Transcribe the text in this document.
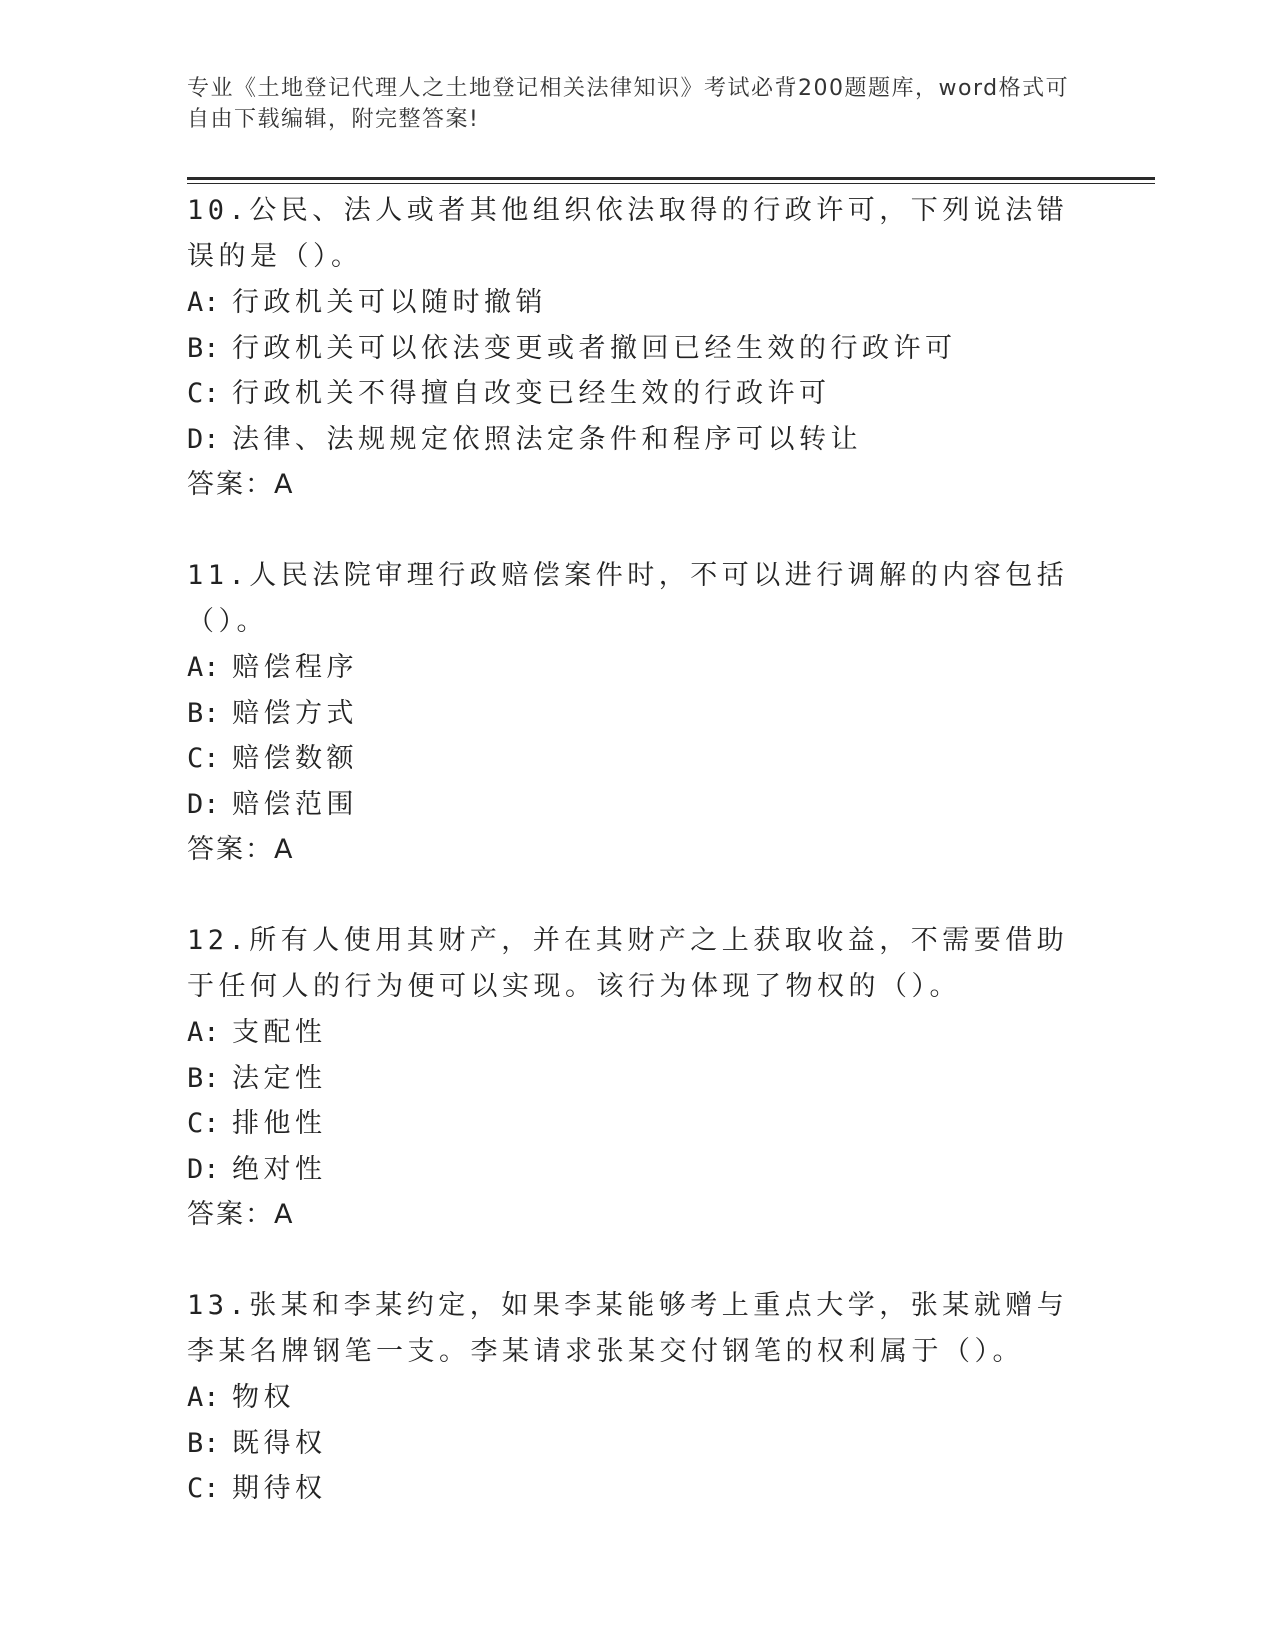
专业《土地登记代理人之土地登记相关法律知识》考试必背200题题库，word格式可自由下载编辑，附完整答案!

10.公民、法人或者其他组织依法取得的行政许可，下列说法错误的是（）。

A: 行政机关可以随时撤销

B: 行政机关可以依法变更或者撤回已经生效的行政许可

C: 行政机关不得擅自改变已经生效的行政许可

D: 法律、法规规定依照法定条件和程序可以转让

答案：A

11.人民法院审理行政赔偿案件时，不可以进行调解的内容包括（）。

A: 赔偿程序

B: 赔偿方式

C: 赔偿数额

D: 赔偿范围

答案：A

12.所有人使用其财产，并在其财产之上获取收益，不需要借助于任何人的行为便可以实现。该行为体现了物权的（）。

A: 支配性

B: 法定性

C: 排他性

D: 绝对性

答案：A

13.张某和李某约定，如果李某能够考上重点大学，张某就赠与李某名牌钢笔一支。李某请求张某交付钢笔的权利属于（）。

A: 物权

B: 既得权

C: 期待权
